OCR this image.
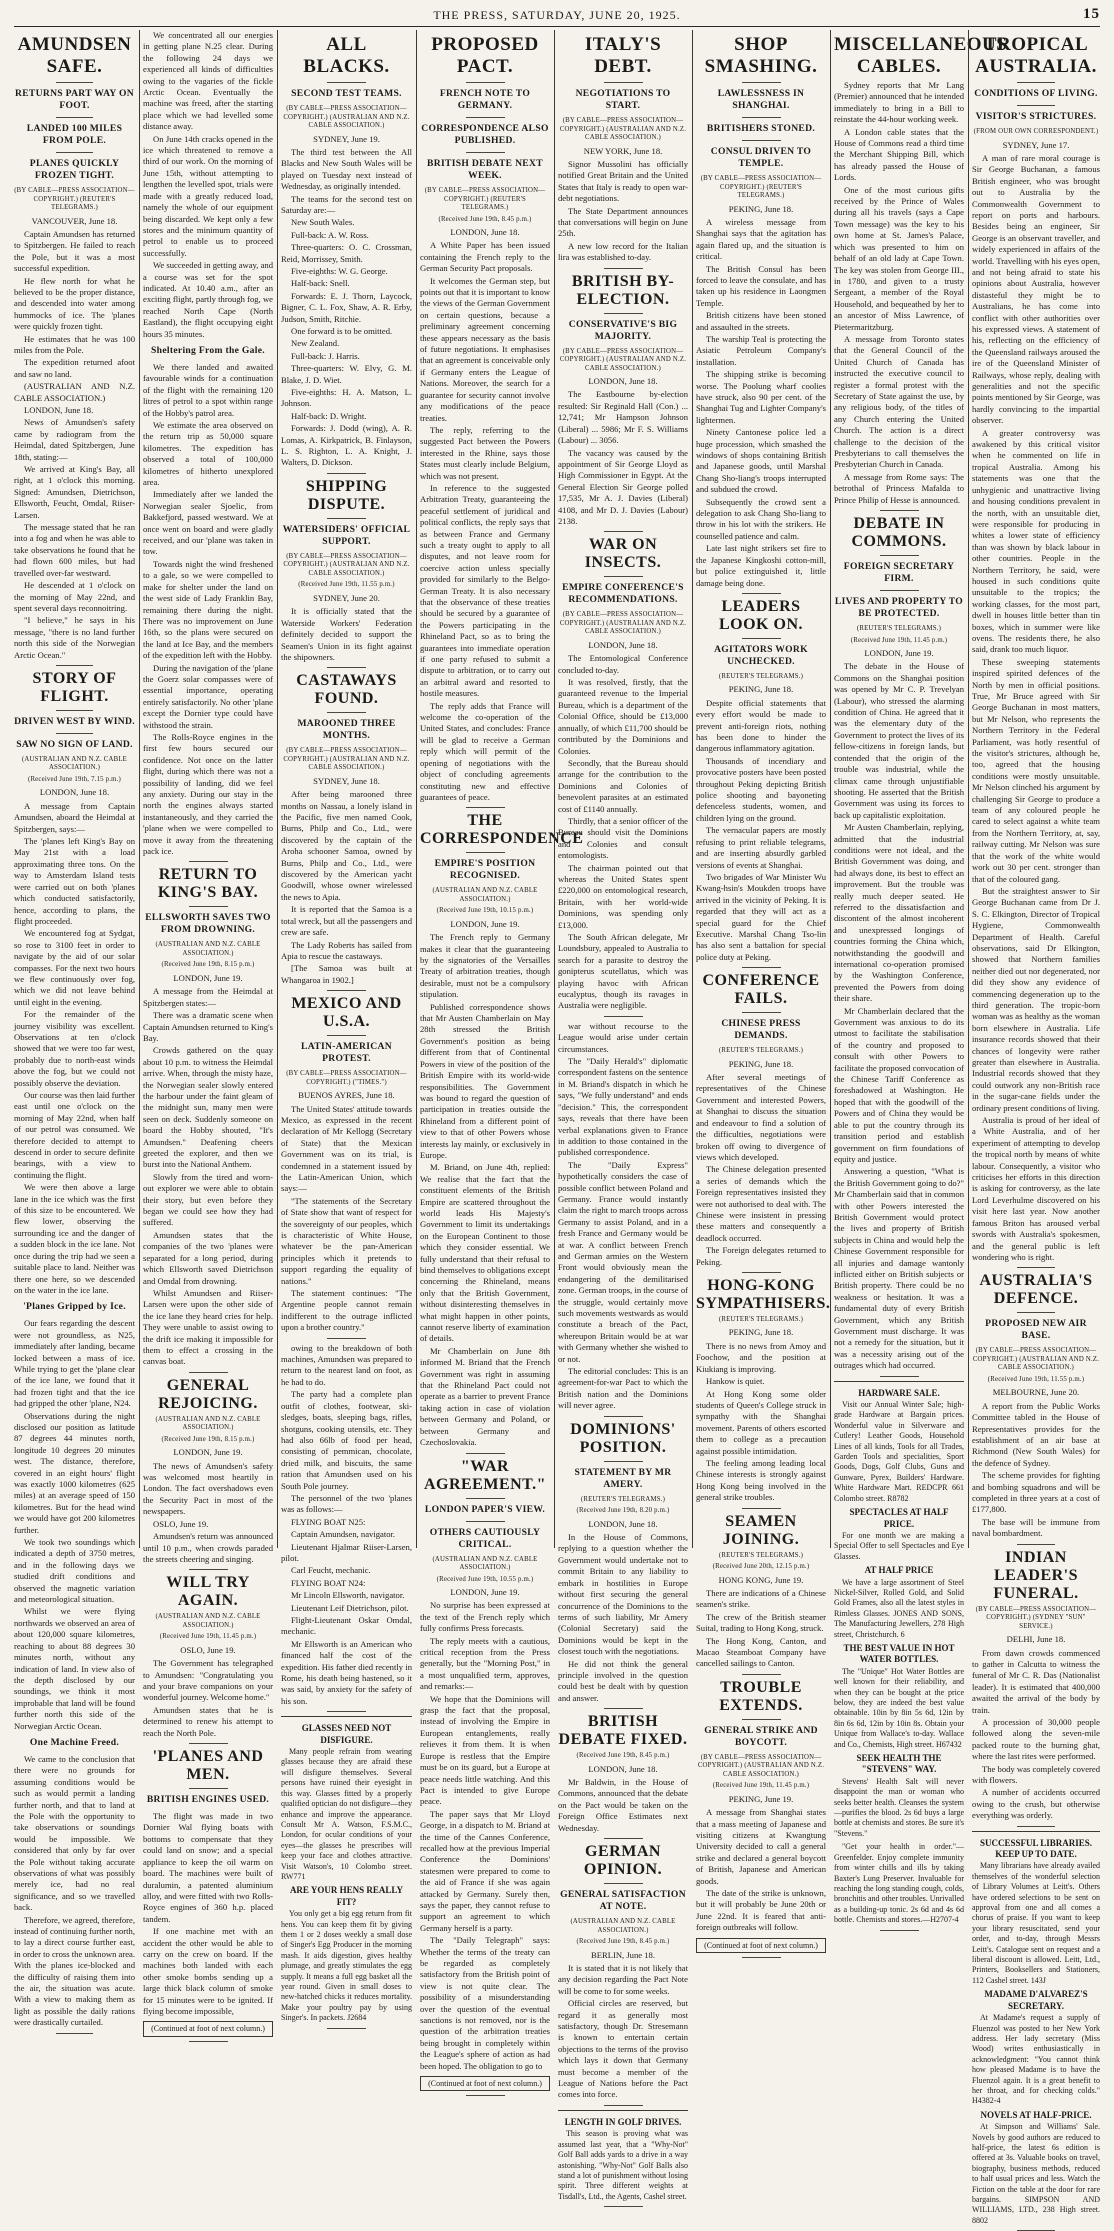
THE PRESS, SATURDAY, JUNE 20, 1925.	15
AMUNDSEN SAFE.
RETURNS PART WAY ON FOOT.
LANDED 100 MILES FROM POLE.
PLANES QUICKLY FROZEN TIGHT.
(BY CABLE—PRESS ASSOCIATION—COPYRIGHT.) (REUTER'S TELEGRAMS.)
VANCOUVER, June 18.

Captain Amundsen has returned to Spitzbergen. He failed to reach the Pole, but it was a most successful expedition.

He flew north for what he believed to be the proper distance, and descended into water among hummocks of ice. The 'planes were quickly frozen tight.

He estimates that he was 100 miles from the Pole.

The expedition returned afoot and saw no land.

(AUSTRALIAN AND N.Z. CABLE ASSOCIATION.)

LONDON, June 18.

News of Amundsen's safety came by radiogram from the Heimdal, dated Spitzbergen, June 18th, stating:—

We arrived at King's Bay, all right, at 1 o'clock this morning. Signed: Amundsen, Dietrichson, Ellsworth, Feucht, Omdal, Riiser-Larsen.

The message stated that he ran into a fog and when he was able to take observations he found that he had flown 600 miles, but had travelled over-far westward.

He descended at 1 o'clock on the morning of May 22nd, and spent several days reconnoitring.

"I believe," he says in his message, "there is no land further north this side of the Norwegian Arctic Ocean."

STORY OF FLIGHT.
DRIVEN WEST BY WIND.
SAW NO SIGN OF LAND.
(AUSTRALIAN AND N.Z. CABLE ASSOCIATION.)
(Received June 19th, 7.15 p.m.)
LONDON, June 18.

A message from Captain Amundsen, aboard the Heimdal at Spitzbergen, says:—

The 'planes left King's Bay on May 21st with a load approximating three tons. On the way to Amsterdam Island tests were carried out on both 'planes which conducted satisfactorily, hence, according to plans, the flight proceeded.

We encountered fog at Sydgat, so rose to 3100 feet in order to navigate by the aid of our solar compasses. For the next two hours we flew continuously over fog, which we did not leave behind until eight in the evening.

For the remainder of the journey visibility was excellent. Observations at ten o'clock showed that we were too far west, probably due to north-east winds above the fog, but we could not possibly observe the deviation.

Our course was then laid further east until one o'clock on the morning of May 22nd, when half of our petrol was consumed. We therefore decided to attempt to descend in order to secure definite bearings, with a view to continuing the flight.

We were then above a large lane in the ice which was the first of this size to be encountered. We flew lower, observing the surrounding ice and the danger of a sudden block in the ice lane. Not once during the trip had we seen a suitable place to land. Neither was there one here, so we descended on the water in the ice lane.

'Planes Gripped by Ice.

Our fears regarding the descent were not groundless, as N25, immediately after landing, became locked between a mass of ice. While trying to get the 'plane clear of the ice lane, we found that it had frozen tight and that the ice had gripped the other 'plane, N24.

Observations during the night disclosed our position as latitude 87 degrees 44 minutes north, longitude 10 degrees 20 minutes west. The distance, therefore, covered in an eight hours' flight was exactly 1000 kilometres (625 miles) at an average speed of 150 kilometres. But for the head wind we would have got 200 kilometres further.

We took two soundings which indicated a depth of 3750 metres, and in the following days we studied drift conditions and observed the magnetic variation and meteorological situation.

Whilst we were flying northwards we observed an area of about 120,000 square kilometres, reaching to about 88 degrees 30 minutes north, without any indication of land. In view also of the depth disclosed by our soundings, we think it most improbable that land will be found further north this side of the Norwegian Arctic Ocean.

One Machine Freed.

We came to the conclusion that there were no grounds for assuming conditions would be such as would permit a landing further north, and that to land at the Pole with the opportunity to take observations or soundings would be impossible. We considered that only by far over the Pole without taking accurate observations of what was possibly merely ice, had no real significance, and so we travelled back.

Therefore, we agreed, therefore, instead of continuing further north, to lay a direct course further east, in order to cross the unknown area. With the planes ice-blocked and the difficulty of raising them into the air, the situation was acute. With a view to making them as light as possible the daily rations were drastically curtailed.

We concentrated all our energies in getting plane N.25 clear. During the following 24 days we experienced all kinds of difficulties owing to the vagaries of the fickle Arctic Ocean. Eventually the machine was freed, after the starting place which we had levelled some distance away.

On June 14th cracks opened in the ice which threatened to remove a third of our work. On the morning of June 15th, without attempting to lengthen the levelled spot, trials were made with a greatly reduced load, namely the whole of our equipment being discarded. We kept only a few stores and the minimum quantity of petrol to enable us to proceed successfully.

We succeeded in getting away, and a course was set for the spot indicated. At 10.40 a.m., after an exciting flight, partly through fog, we reached North Cape (North Eastland), the flight occupying eight hours 35 minutes.

Sheltering From the Gale.

We there landed and awaited favourable winds for a continuation of the flight with the remaining 120 litres of petrol to a spot within range of the Hobby's patrol area.

We estimate the area observed on the return trip as 50,000 square kilometres. The expedition has observed a total of 100,000 kilometres of hitherto unexplored area.

Immediately after we landed the Norwegian sealer Sjoelic, from Bakkefjord, passed westward. We at once went on board and were gladly received, and our 'plane was taken in tow.

Towards night the wind freshened to a gale, so we were compelled to make for shelter under the land on the west side of Lady Franklin Bay, remaining there during the night. There was no improvement on June 16th, so the plans were secured on the land at Ice Bay, and the members of the expedition left with the Hobby.

During the navigation of the 'plane the Goerz solar compasses were of essential importance, operating entirely satisfactorily. No other 'plane except the Dornier type could have withstood the strain.

The Rolls-Royce engines in the first few hours secured our confidence. Not once on the latter flight, during which there was not a possibility of landing, did we feel any anxiety. During our stay in the north the engines always started instantaneously, and they carried the 'plane when we were compelled to move it away from the threatening pack ice.

RETURN TO KING'S BAY.
ELLSWORTH SAVES TWO FROM DROWNING.
(AUSTRALIAN AND N.Z. CABLE ASSOCIATION.)
(Received June 19th, 8.15 p.m.)
LONDON, June 19.

A message from the Heimdal at Spitzbergen states:—

There was a dramatic scene when Captain Amundsen returned to King's Bay.

Crowds gathered on the quay about 10 p.m. to witness the Heimdal arrive. When, through the misty haze, the Norwegian sealer slowly entered the harbour under the faint gleam of the midnight sun, many men were seen on deck. Suddenly someone on board the Hobby shouted, "It's Amundsen." Deafening cheers greeted the explorer, and then we burst into the National Anthem.

Slowly from the tired and worn-out explorer we were able to obtain their story, but even before they began we could see how they had suffered.

Amundsen states that the companies of the two 'planes were separated for a long period, during which Ellsworth saved Dietrichson and Omdal from drowning.

Whilst Amundsen and Riiser-Larsen were upon the other side of the ice lane they heard cries for help. They were unable to assist owing to the drift ice making it impossible for them to effect a crossing in the canvas boat.

GENERAL REJOICING.
(AUSTRALIAN AND N.Z. CABLE ASSOCIATION.)
(Received June 19th, 8.15 p.m.)
LONDON, June 19.

The news of Amundsen's safety was welcomed most heartily in London. The fact overshadows even the Security Pact in most of the newspapers.

OSLO, June 19.

Amundsen's return was announced until 10 p.m., when crowds paraded the streets cheering and singing.

WILL TRY AGAIN.
(AUSTRALIAN AND N.Z. CABLE ASSOCIATION.)
(Received June 19th, 11.45 p.m.)
OSLO, June 19.

The Government has telegraphed to Amundsen: "Congratulating you and your brave companions on your wonderful journey. Welcome home."

Amundsen states that he is determined to renew his attempt to reach the North Pole.

'PLANES AND MEN.
BRITISH ENGINES USED.

The flight was made in two Dornier Wal flying boats with bottoms to compensate that they could land on snow; and a special appliance to keep the oil warm on board. The machines were built of duralumin, a patented aluminium alloy, and were fitted with two Rolls-Royce engines of 360 h.p. placed tandem.

If one machine met with an accident the other would be able to carry on the crew on board. If the machines both landed with each other smoke bombs sending up a large thick black column of smoke for 15 minutes were to be ignited. If flying become impossible,

(Continued at foot of next column.)
ALL BLACKS.
SECOND TEST TEAMS.
(BY CABLE—PRESS ASSOCIATION—COPYRIGHT.) (AUSTRALIAN AND N.Z. CABLE ASSOCIATION.)
SYDNEY, June 19.

The third test between the All Blacks and New South Wales will be played on Tuesday next instead of Wednesday, as originally intended.

The teams for the second test on Saturday are:—

New South Wales.

Full-back: A. W. Ross.

Three-quarters: O. C. Crossman, Reid, Morrissey, Smith.

Five-eighths: W. G. George.

Half-back: Snell.

Forwards: E. J. Thorn, Laycock, Bigner, C. L. Fox, Shaw, A. R. Erby, Judson, Smith, Ritchie.

One forward is to be omitted.

New Zealand.

Full-back: J. Harris.

Three-quarters: W. Elvy, G. M. Blake, J. D. Wiet.

Five-eighths: H. A. Matson, L. Johnson.

Half-back: D. Wright.

Forwards: J. Dodd (wing), A. R. Lomas, A. Kirkpatrick, B. Finlayson, L. S. Righton, L. A. Knight, J. Walters, D. Dickson.

SHIPPING DISPUTE.
WATERSIDERS' OFFICIAL SUPPORT.
(BY CABLE—PRESS ASSOCIATION—COPYRIGHT.) (AUSTRALIAN AND N.Z. CABLE ASSOCIATION.)
(Received June 19th, 11.55 p.m.)
SYDNEY, June 20.

It is officially stated that the Waterside Workers' Federation definitely decided to support the Seamen's Union in its fight against the shipowners.

CASTAWAYS FOUND.
MAROONED THREE MONTHS.
(BY CABLE—PRESS ASSOCIATION—COPYRIGHT.) (AUSTRALIAN AND N.Z. CABLE ASSOCIATION.)
SYDNEY, June 18.

After being marooned three months on Nassau, a lonely island in the Pacific, five men named Cook, Burns, Philp and Co., Ltd., were discovered by the captain of the Aroha schooner Samoa, owned by Burns, Philp and Co., Ltd., were discovered by the American yacht Goodwill, whose owner wirelessed the news to Apia.

It is reported that the Samoa is a total wreck, but all the passengers and crew are safe.

The Lady Roberts has sailed from Apia to rescue the castaways.

[The Samoa was built at Whangaroa in 1902.]

MEXICO AND U.S.A.
LATIN-AMERICAN PROTEST.
(BY CABLE—PRESS ASSOCIATION—COPYRIGHT.) ("TIMES.")
BUENOS AYRES, June 18.

The United States' attitude towards Mexico, as expressed in the recent declaration of Mr Kellogg (Secretary of State) that the Mexican Government was on its trial, is condemned in a statement issued by the Latin-American Union, which says:—

"The statements of the Secretary of State show that want of respect for the sovereignty of our peoples, which is characteristic of White House, whatever be the pan-American principles which it pretends to support regarding the equality of nations."

The statement continues: "The Argentine people cannot remain indifferent to the outrage inflicted upon a brother country."

owing to the breakdown of both machines, Amundsen was prepared to return to the nearest land on foot, as he had to do.

The party had a complete plan outfit of clothes, footwear, ski-sledges, boats, sleeping bags, rifles, shotguns, cooking utensils, etc. They had also 66lb of food per head, consisting of pemmican, chocolate, dried milk, and biscuits, the same ration that Amundsen used on his South Pole journey.

The personnel of the two 'planes was as follows:—

FLYING BOAT N25:

Captain Amundsen, navigator.

Lieutenant Hjalmar Riiser-Larsen, pilot.

Carl Feucht, mechanic.

FLYING BOAT N24:

Mr Lincoln Ellsworth, navigator.

Lieutenant Leif Dietrichson, pilot.

Flight-Lieutenant Oskar Omdal, mechanic.

Mr Ellsworth is an American who financed half the cost of the expedition. His father died recently in Rome, his death being hastened, so it was said, by anxiety for the safety of his son.

GLASSES NEED NOT DISFIGURE.

Many people refrain from wearing glasses because they are afraid these will disfigure themselves. Several persons have ruined their eyesight in this way. Glasses fitted by a properly qualified optician do not disfigure—they enhance and improve the appearance. Consult Mr A. Watson, F.S.M.C., London, for ocular conditions of your eyes—the glasses he prescribes will keep your face and clothes attractive. Visit Watson's, 10 Colombo street. RW771

ARE YOUR HENS REALLY FIT?

You only get a big egg return from fit hens. You can keep them fit by giving them 1 or 2 doses weekly a small dose of Singer's Egg Producer in the morning mash. It aids digestion, gives healthy plumage, and greatly stimulates the egg supply. It means a full egg basket all the year round. Given in small doses to new-hatched chicks it reduces mortality. Make your poultry pay by using Singer's. In packets. J2684

PROPOSED PACT.
FRENCH NOTE TO GERMANY.
CORRESPONDENCE ALSO PUBLISHED.
BRITISH DEBATE NEXT WEEK.
(BY CABLE—PRESS ASSOCIATION—COPYRIGHT.) (REUTER'S TELEGRAMS.)
(Received June 19th, 8.45 p.m.)
LONDON, June 18.

A White Paper has been issued containing the French reply to the German Security Pact proposals.

It welcomes the German step, but points out that it is important to know the views of the German Government on certain questions, because a preliminary agreement concerning these appears necessary as the basis of future negotiations. It emphasises that an agreement is conceivable only if Germany enters the League of Nations. Moreover, the search for a guarantee for security cannot involve any modifications of the peace treaties.

The reply, referring to the suggested Pact between the Powers interested in the Rhine, says those States must clearly include Belgium, which was not present.

In reference to the suggested Arbitration Treaty, guaranteeing the peaceful settlement of juridical and political conflicts, the reply says that as between France and Germany such a treaty ought to apply to all disputes, and not leave room for coercive action unless specially provided for similarly to the Belgo-German Treaty. It is also necessary that the observance of these treaties should be secured by a guarantee of the Powers participating in the Rhineland Pact, so as to bring the guarantees into immediate operation if one party refused to submit a dispute to arbitration, or to carry out an arbitral award and resorted to hostile measures.

The reply adds that France will welcome the co-operation of the United States, and concludes: France will be glad to receive a German reply which will permit of the opening of negotiations with the object of concluding agreements constituting new and effective guarantees of peace.

THE CORRESPONDENCE
EMPIRE'S POSITION RECOGNISED.
(AUSTRALIAN AND N.Z. CABLE ASSOCIATION.)
(Received June 19th, 10.15 p.m.)
LONDON, June 19.

The French reply to Germany makes it clear that the guaranteeing by the signatories of the Versailles Treaty of arbitration treaties, though desirable, must not be a compulsory stipulation.

Published correspondence shows that Mr Austen Chamberlain on May 28th stressed the British Government's position as being different from that of Continental Powers in view of the position of the British Empire with its world-wide responsibilities. The Government was bound to regard the question of participation in treaties outside the Rhineland from a different point of view to that of other Powers whose interests lay mainly, or exclusively in Europe.

M. Briand, on June 4th, replied: We realise that the fact that the constituent elements of the British Empire are scattered throughout the world leads His Majesty's Government to limit its undertakings on the European Continent to those which they consider essential. We fully understand that their refusal to bind themselves to obligations except concerning the Rhineland, means only that the British Government, without disinteresting themselves in what might happen in other points, cannot reserve liberty of examination of details.

Mr Chamberlain on June 8th informed M. Briand that the French Government was right in assuming that the Rhineland Pact could not operate as a barrier to prevent France taking action in case of violation between Germany and Poland, or between Germany and Czechoslovakia.

"WAR AGREEMENT."
LONDON PAPER'S VIEW.
OTHERS CAUTIOUSLY CRITICAL.
(AUSTRALIAN AND N.Z. CABLE ASSOCIATION.)
(Received June 19th, 10.55 p.m.)
LONDON, June 19.

No surprise has been expressed at the text of the French reply which fully confirms Press forecasts.

The reply meets with a cautious, critical reception from the Press generally, but the "Morning Post," in a most unqualified term, approves, and remarks:—

We hope that the Dominions will grasp the fact that the proposal, instead of involving the Empire in European entanglements, really relieves it from them. It is when Europe is restless that the Empire must be on its guard, but a Europe at peace needs little watching. And this Pact is intended to give Europe peace.

The paper says that Mr Lloyd George, in a dispatch to M. Briand at the time of the Cannes Conference, recalled how at the previous Imperial Conference the Dominions' statesmen were prepared to come to the aid of France if she was again attacked by Germany. Surely then, says the paper, they cannot refuse to support an agreement to which Germany herself is a party.

The "Daily Telegraph" says: Whether the terms of the treaty can be regarded as completely satisfactory from the British point of view is not quite clear. The possibility of a misunderstanding over the question of the eventual sanctions is not removed, nor is the question of the arbitration treaties being brought in completely within the League's sphere of action as had been hoped. The obligation to go to

(Continued at foot of next column.)
ITALY'S DEBT.
NEGOTIATIONS TO START.
(BY CABLE—PRESS ASSOCIATION—COPYRIGHT.) (AUSTRALIAN AND N.Z. CABLE ASSOCIATION.)
NEW YORK, June 18.

Signor Mussolini has officially notified Great Britain and the United States that Italy is ready to open war-debt negotiations.

The State Department announces that conversations will begin on June 25th.

A new low record for the Italian lira was established to-day.

BRITISH BY-ELECTION.
CONSERVATIVE'S BIG MAJORITY.
(BY CABLE—PRESS ASSOCIATION—COPYRIGHT.) (AUSTRALIAN AND N.Z. CABLE ASSOCIATION.)
LONDON, June 18.

The Eastbourne by-election resulted: Sir Reginald Hall (Con.) ... 12,741; Mr Hampson Johnson (Liberal) ... 5986; Mr F. S. Williams (Labour) ... 3056.

The vacancy was caused by the appointment of Sir George Lloyd as High Commissioner in Egypt. At the General Election Sir George polled 17,535, Mr A. J. Davies (Liberal) 4108, and Mr D. J. Davies (Labour) 2138.

WAR ON INSECTS.
EMPIRE CONFERENCE'S RECOMMENDATIONS.
(BY CABLE—PRESS ASSOCIATION—COPYRIGHT.) (AUSTRALIAN AND N.Z. CABLE ASSOCIATION.)
LONDON, June 18.

The Entomological Conference concluded to-day.

It was resolved, firstly, that the guaranteed revenue to the Imperial Bureau, which is a department of the Colonial Office, should be £13,000 annually, of which £11,700 should be contributed by the Dominions and Colonies.

Secondly, that the Bureau should arrange for the contribution to the Dominions and Colonies of benevolent parasites at an estimated cost of £1140 annually.

Thirdly, that a senior officer of the Bureau should visit the Dominions and Colonies and consult entomologists.

The chairman pointed out that whereas the United States spent £220,000 on entomological research, Britain, with her world-wide Dominions, was spending only £13,000.

The South African delegate, Mr Loundsbury, appealed to Australia to search for a parasite to destroy the gonipterus scutellatus, which was playing havoc with African eucalyptus, though its ravages in Australia were negligible.

war without recourse to the League would arise under certain circumstances.

The "Daily Herald's" diplomatic correspondent fastens on the sentence in M. Briand's dispatch in which he says, "We fully understand" and ends "decision." This, the correspondent says, reveals that there have been verbal explanations given to France in addition to those contained in the published correspondence.

The "Daily Express" hypothetically considers the case of possible conflict between Poland and Germany. France would instantly claim the right to march troops across Germany to assist Poland, and in a fresh France and Germany would be at war. A conflict between French and German armies on the Western Front would obviously mean the endangering of the demilitarised zone. German troops, in the course of the struggle, would certainly move such movements westwards as would constitute a breach of the Pact, whereupon Britain would be at war with Germany whether she wished to or not.

The editorial concludes: This is an agreement-for-war Pact to which the British nation and the Dominions will never agree.

DOMINIONS' POSITION.
STATEMENT BY MR AMERY.
(REUTER'S TELEGRAMS.)
(Received June 19th, 8.20 p.m.)
LONDON, June 18.

In the House of Commons, replying to a question whether the Government would undertake not to commit Britain to any liability to embark in hostilities in Europe without first securing the general concurrence of the Dominions to the terms of such liability, Mr Amery (Colonial Secretary) said the Dominions would be kept in the closest touch with the negotiations.

He did not think the general principle involved in the question could best be dealt with by question and answer.

BRITISH DEBATE FIXED.
(Received June 19th, 8.45 p.m.)
LONDON, June 18.

Mr Baldwin, in the House of Commons, announced that the debate on the Pact would be taken on the Foreign Office Estimates next Wednesday.

GERMAN OPINION.
GENERAL SATISFACTION AT NOTE.
(AUSTRALIAN AND N.Z. CABLE ASSOCIATION.)
(Received June 19th, 8.45 p.m.)
BERLIN, June 18.

It is stated that it is not likely that any decision regarding the Pact Note will be come to for some weeks.

Official circles are reserved, but regard it as generally most satisfactory, though Dr. Stresemann is known to entertain certain objections to the terms of the proviso which lays it down that Germany must become a member of the League of Nations before the Pact comes into force.

LENGTH IN GOLF DRIVES.

This season is proving what was assumed last year, that a "Why-Not" Golf Ball adds yards to a drive in a way astonishing. "Why-Not" Golf Balls also stand a lot of punishment without losing spirit. Three different weights at Tisdall's, Ltd., the Agents, Cashel street.

SHOP SMASHING.
LAWLESSNESS IN SHANGHAI.
BRITISHERS STONED.
CONSUL DRIVEN TO TEMPLE.
(BY CABLE—PRESS ASSOCIATION—COPYRIGHT.) (REUTER'S TELEGRAMS.)
PEKING, June 18.

A wireless message from Shanghai says that the agitation has again flared up, and the situation is critical.

The British Consul has been forced to leave the consulate, and has taken up his residence in Laongmen Temple.

British citizens have been stoned and assaulted in the streets.

The warship Teal is protecting the Asiatic Petroleum Company's installation.

The shipping strike is becoming worse. The Poolung wharf coolies have struck, also 90 per cent. of the Shanghai Tug and Lighter Company's lightermen.

Ninety Cantonese police led a huge procession, which smashed the windows of shops containing British and Japanese goods, until Marshal Chang Sho-liang's troops interrupted and subdued the crowd.

Subsequently the crowd sent a delegation to ask Chang Sho-liang to throw in his lot with the strikers. He counselled patience and calm.

Late last night strikers set fire to the Japanese Kingkoshi cotton-mill, but police extinguished it, little damage being done.

LEADERS LOOK ON.
AGITATORS WORK UNCHECKED.
(REUTER'S TELEGRAMS.)
PEKING, June 18.

Despite official statements that every effort would be made to prevent anti-foreign riots, nothing has been done to hinder the dangerous inflammatory agitation.

Thousands of incendiary and provocative posters have been posted throughout Peking depicting British police shooting and bayoneting defenceless students, women, and children lying on the ground.

The vernacular papers are mostly refusing to print reliable telegrams, and are inserting absurdly garbled versions of events at Shanghai.

Two brigades of War Minister Wu Kwang-hsin's Moukden troops have arrived in the vicinity of Peking. It is regarded that they will act as a special guard for the Chief Executive. Marshal Chang Tso-lin has also sent a battalion for special police duty at Peking.

CONFERENCE FAILS.
CHINESE PRESS DEMANDS.
(REUTER'S TELEGRAMS.)
PEKING, June 18.

After several meetings of representatives of the Chinese Government and interested Powers, at Shanghai to discuss the situation and endeavour to find a solution of the difficulties, negotiations were broken off owing to divergence of views which developed.

The Chinese delegation presented a series of demands which the Foreign representatives insisted they were not authorised to deal with. The Chinese were insistent in pressing these matters and consequently a deadlock occurred.

The Foreign delegates returned to Peking.

HONG-KONG SYMPATHISERS.
(REUTER'S TELEGRAMS.)
PEKING, June 18.

There is no news from Amoy and Foochow, and the position at Kiukiang is improving.

Hankow is quiet.

At Hong Kong some older students of Queen's College struck in sympathy with the Shanghai movement. Parents of others escorted them to college as a precaution against possible intimidation.

The feeling among leading local Chinese interests is strongly against Hong Kong being involved in the general strike troubles.

SEAMEN JOINING.
(REUTER'S TELEGRAMS.)
(Received June 20th, 12.15 p.m.)
HONG KONG, June 19.

There are indications of a Chinese seamen's strike.

The crew of the British steamer Suital, trading to Hong Kong, struck.

The Hong Kong, Canton, and Macao Steamboat Company have cancelled sailings to Canton.

TROUBLE EXTENDS.
GENERAL STRIKE AND BOYCOTT.
(BY CABLE—PRESS ASSOCIATION—COPYRIGHT.) (AUSTRALIAN AND N.Z. CABLE ASSOCIATION.)
(Received June 19th, 11.45 p.m.)
PEKING, June 19.

A message from Shanghai states that a mass meeting of Japanese and visiting citizens at Kwangtung University decided to call a general strike and declared a general boycott of British, Japanese and American goods.

The date of the strike is unknown, but it will probably be June 20th or June 22nd. It is feared that anti-foreign outbreaks will follow.

(Continued at foot of next column.)
MISCELLANEOUS CABLES.

Sydney reports that Mr Lang (Premier) announced that he intended immediately to bring in a Bill to reinstate the 44-hour working week.

A London cable states that the House of Commons read a third time the Merchant Shipping Bill, which has already passed the House of Lords.

One of the most curious gifts received by the Prince of Wales during all his travels (says a Cape Town message) was the key to his own home at St. James's Palace, which was presented to him on behalf of an old lady at Cape Town. The key was stolen from George III., in 1780, and given to a trusty Sergeant, a member of the Royal Household, and bequeathed by her to an ancestor of Miss Lawrence, of Pietermaritzburg.

A message from Toronto states that the General Council of the United Church of Canada has instructed the executive council to register a formal protest with the Secretary of State against the use, by any religious body, of the titles of any Church entering the United Church. The action is a direct challenge to the decision of the Presbyterians to call themselves the Presbyterian Church in Canada.

A message from Rome says: The betrothal of Princess Mafalda to Prince Philip of Hesse is announced.

DEBATE IN COMMONS.
FOREIGN SECRETARY FIRM.
LIVES AND PROPERTY TO BE PROTECTED.
(REUTER'S TELEGRAMS.)
(Received June 19th, 11.45 p.m.)
LONDON, June 19.

The debate in the House of Commons on the Shanghai position was opened by Mr C. P. Trevelyan (Labour), who stressed the alarming condition of China. He agreed that it was the elementary duty of the Government to protect the lives of its fellow-citizens in foreign lands, but contended that the origin of the trouble was industrial, while the climax came through unjustifiable shooting. He asserted that the British Government was using its forces to back up capitalistic exploitation.

Mr Austen Chamberlain, replying, admitted that the industrial conditions were not ideal, and the British Government was doing, and had always done, its best to effect an improvement. But the trouble was really much deeper seated. He referred to the dissatisfaction and discontent of the almost incoherent and unexpressed longings of countries forming the China which, notwithstanding the goodwill and international co-operation promised by the Washington Conference, prevented the Powers from doing their share.

Mr Chamberlain declared that the Government was anxious to do its utmost to facilitate the stabilisation of the country and proposed to consult with other Powers to facilitate the proposed convocation of the Chinese Tariff Conference as foreshadowed at Washington. He hoped that with the goodwill of the Powers and of China they would be able to put the country through its transition period and establish government on firm foundations of equity and justice.

Answering a question, "What is the British Government going to do?" Mr Chamberlain said that in common with other Powers interested the British Government would protect the lives and property of British subjects in China and would help the Chinese Government responsible for all injuries and damage wantonly inflicted either on British subjects or British property. There could be no weakness or hesitation. It was a fundamental duty of every British Government, which any British Government must discharge. It was not a remedy for the situation, but it was a necessity arising out of the outrages which had occurred.

HARDWARE SALE.

Visit our Annual Winter Sale; high-grade Hardware at Bargain prices. Wonderful value in Silverware and Cutlery! Leather Goods, Household Lines of all kinds, Tools for all Trades, Garden Tools and specialities, Sport Goods, Dogs, Golf Clubs, Guns and Gunware, Pyrex, Builders' Hardware. White Hardware Mart. REDCPR 661 Colombo street. R8782

SPECTACLES AT HALF PRICE.

For one month we are making a Special Offer to sell Spectacles and Eye Glasses.

AT HALF PRICE

We have a large assortment of Steel Nickel-Silver, Rolled Gold, and Solid Gold Frames, also all the latest styles in Rimless Glasses. JONES AND SONS, The Manufacturing Jewellers, 278 High street, Christchurch. 6

THE BEST VALUE IN HOT WATER BOTTLES.

The "Unique" Hot Water Bottles are well known for their reliability, and when they can be bought at the price below, they are indeed the best value obtainable. 10in by 8in 5s 6d, 12in by 8in 6s 6d, 12in by 10in 8s. Obtain your Unique from Wallace's to-day. Wallace and Co., Chemists, High street. H67432

SEEK HEALTH THE "STEVENS" WAY.

Stevens' Health Salt will never disappoint the man or woman who seeks better health. Cleanses the system—purifies the blood. 2s 6d buys a large bottle at chemists and stores. Be sure it's "Stevens."

"Get your health in order."—Greenfelder. Enjoy complete immunity from winter chills and ills by taking Baxter's Lung Preserver. Invaluable for reaching the long standing cough, colds, bronchitis and other troubles. Unrivalled as a building-up tonic. 2s 6d and 4s 6d bottle. Chemists and stores.—H2707-4

TROPICAL AUSTRALIA.
CONDITIONS OF LIVING.
VISITOR'S STRICTURES.
(FROM OUR OWN CORRESPONDENT.)
SYDNEY, June 17.

A man of rare moral courage is Sir George Buchanan, a famous British engineer, who was brought out to Australia by the Commonwealth Government to report on ports and harbours. Besides being an engineer, Sir George is an observant traveller, and widely experienced in affairs of the world. Travelling with his eyes open, and not being afraid to state his opinions about Australia, however distasteful they might be to Australians, he has come into conflict with other authorities over his expressed views. A statement of his, reflecting on the efficiency of the Queensland railways aroused the ire of the Queensland Minister of Railways, whose reply, dealing with generalities and not the specific points mentioned by Sir George, was hardly convincing to the impartial observer.

A greater controversy was awakened by this critical visitor when he commented on life in tropical Australia. Among his statements was one that the unhygienic and unattractive living and housing conditions prevalent in the north, with an unsuitable diet, were responsible for producing in whites a lower state of efficiency than was shown by black labour in other countries. People in the Northern Territory, he said, were housed in such conditions quite unsuitable to the tropics; the working classes, for the most part, dwell in houses little better than tin boxes, which in summer were like ovens. The residents there, he also said, drank too much liquor.

These sweeping statements inspired spirited defences of the North by men in official positions. True, Mr Bruce agreed with Sir George Buchanan in most matters, but Mr Nelson, who represents the Northern Territory in the Federal Parliament, was hotly resentful of the visitor's strictures, although he, too, agreed that the housing conditions were mostly unsuitable. Mr Nelson clinched his argument by challenging Sir George to produce a team of any coloured people he cared to select against a white team from the Northern Territory, at, say, railway cutting. Mr Nelson was sure that the work of the white would work out 30 per cent. stronger than that of the coloured gang.

But the straightest answer to Sir George Buchanan came from Dr J. S. C. Elkington, Director of Tropical Hygiene, Commonwealth Department of Health. Careful observations, said Dr Elkington, showed that Northern families neither died out nor degenerated, nor did they show any evidence of commencing degeneration up to the third generation. The tropic-born woman was as healthy as the woman born elsewhere in Australia. Life insurance records showed that their chances of longevity were rather greater than elsewhere in Australia. Industrial records showed that they could outwork any non-British race in the sugar-cane fields under the ordinary present conditions of living.

Australia is proud of her ideal of a White Australia, and of her experiment of attempting to develop the tropical north by means of white labour. Consequently, a visitor who criticises her efforts in this direction is asking for controversy, as the late Lord Leverhulme discovered on his visit here last year. Now another famous Briton has aroused verbal swords with Australia's spokesmen, and the general public is left wondering who is right.

AUSTRALIA'S DEFENCE.
PROPOSED NEW AIR BASE.
(BY CABLE—PRESS ASSOCIATION—COPYRIGHT.) (AUSTRALIAN AND N.Z. CABLE ASSOCIATION.)
(Received June 19th, 11.55 p.m.)
MELBOURNE, June 20.

A report from the Public Works Committee tabled in the House of Representatives provides for the establishment of an air base at Richmond (New South Wales) for the defence of Sydney.

The scheme provides for fighting and bombing squadrons and will be completed in three years at a cost of £177,800.

The base will be immune from naval bombardment.

INDIAN LEADER'S FUNERAL.
(BY CABLE—PRESS ASSOCIATION—COPYRIGHT.) (SYDNEY "SUN" SERVICE.)
DELHI, June 18.

From dawn crowds commenced to gather in Calcutta to witness the funeral of Mr C. R. Das (Nationalist leader). It is estimated that 400,000 awaited the arrival of the body by train.

A procession of 30,000 people followed along the seven-mile packed route to the burning ghat, where the last rites were performed.

The body was completely covered with flowers.

A number of accidents occurred owing to the crush, but otherwise everything was orderly.

SUCCESSFUL LIBRARIES. KEEP UP TO DATE.

Many librarians have already availed themselves of the wonderful selection of Library Volumes at Leitt's. Others have ordered selections to be sent on approval from one and all comes a chorus of praise. If you want to keep your library resuscitated, send your order, and to-day, through Messrs Leitt's. Catalogue sent on request and a liberal discount is allowed. Leitt, Ltd., Printers, Booksellers and Stationers, 112 Cashel street. 143J

MADAME D'ALVAREZ'S SECRETARY.

At Madame's request a supply of Fluenzol was posted to her New York address. Her lady secretary (Miss Wood) writes enthusiastically in acknowledgment: "You cannot think how pleased Madame is to have the Fluenzol again. It is a great benefit to her throat, and for checking colds." H4382-4

NOVELS AT HALF-PRICE.

At Simpson and Williams' Sale. Novels by good authors are reduced to half-price, the latest 6s edition is offered at 3s. Valuable books on travel, biography, business methods, reduced to half usual prices and less. Watch the Fiction on the table at the door for rare bargains. SIMPSON AND WILLIAMS, LTD., 238 High street. 8802
